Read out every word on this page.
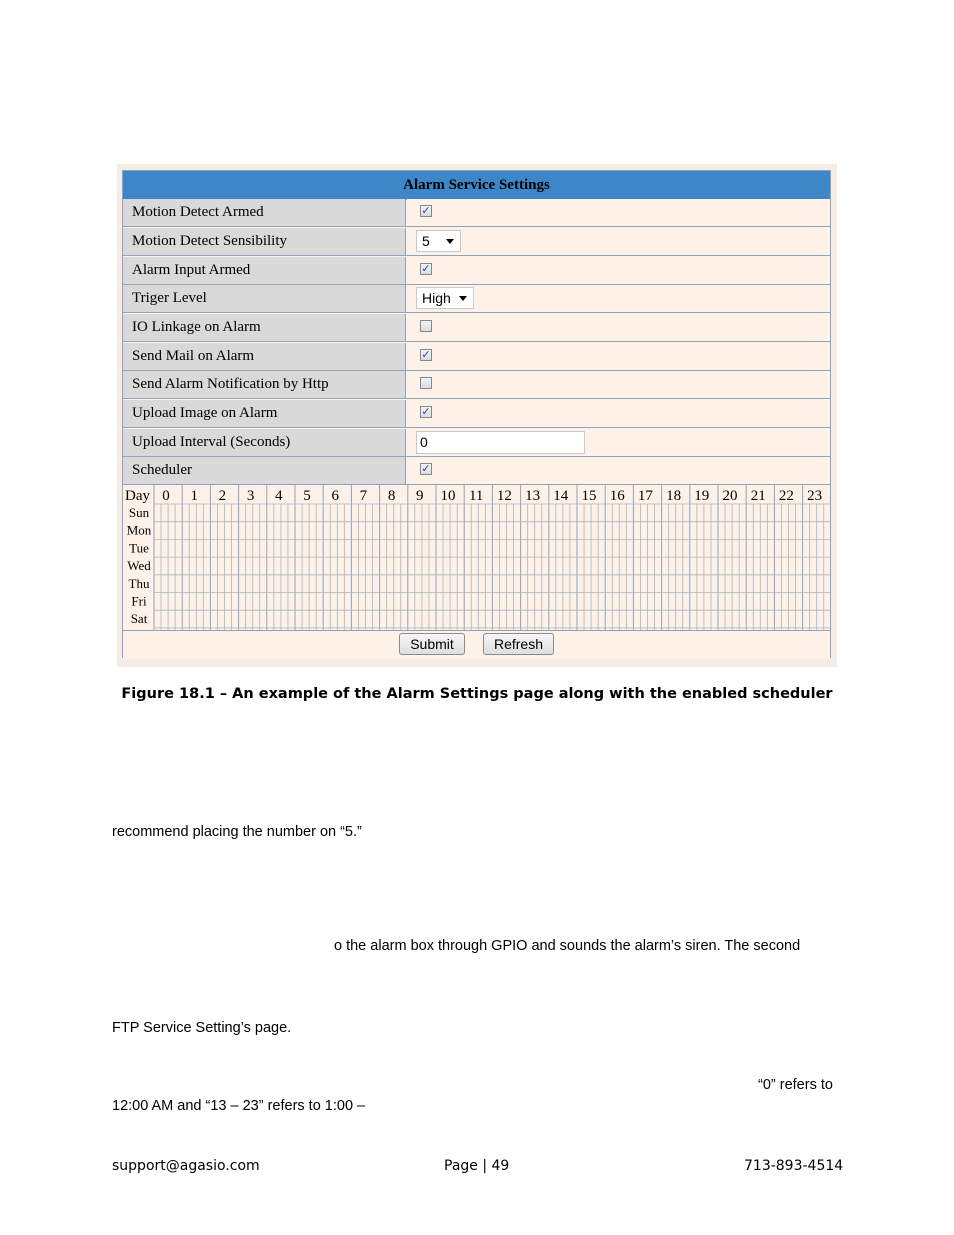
Alarm Service Settings
Motion Detect Armed	✓
Motion Detect Sensibility	5
Alarm Input Armed	✓
Triger Level	High
IO Linkage on Alarm
Send Mail on Alarm	✓
Send Alarm Notification by Http
Upload Image on Alarm	✓
Upload Interval (Seconds)	0
Scheduler	✓
Day 0 1 2 3 4 5 6 7 8 9 10 11 12 13 14 15 16 17 18 19 20 21 22 23
Sun
Mon
Tue
Wed
Thu
Fri
Sat
Submit	Refresh
Figure 18.1 – An example of the Alarm Settings page along with the enabled scheduler
recommend placing the number on “5.”
o the alarm box through GPIO and sounds the alarm’s siren. The second
FTP Service Setting’s page.
“0” refers to
12:00 AM and “13 – 23” refers to 1:00 –
support@agasio.com	Page | 49	713-893-4514
